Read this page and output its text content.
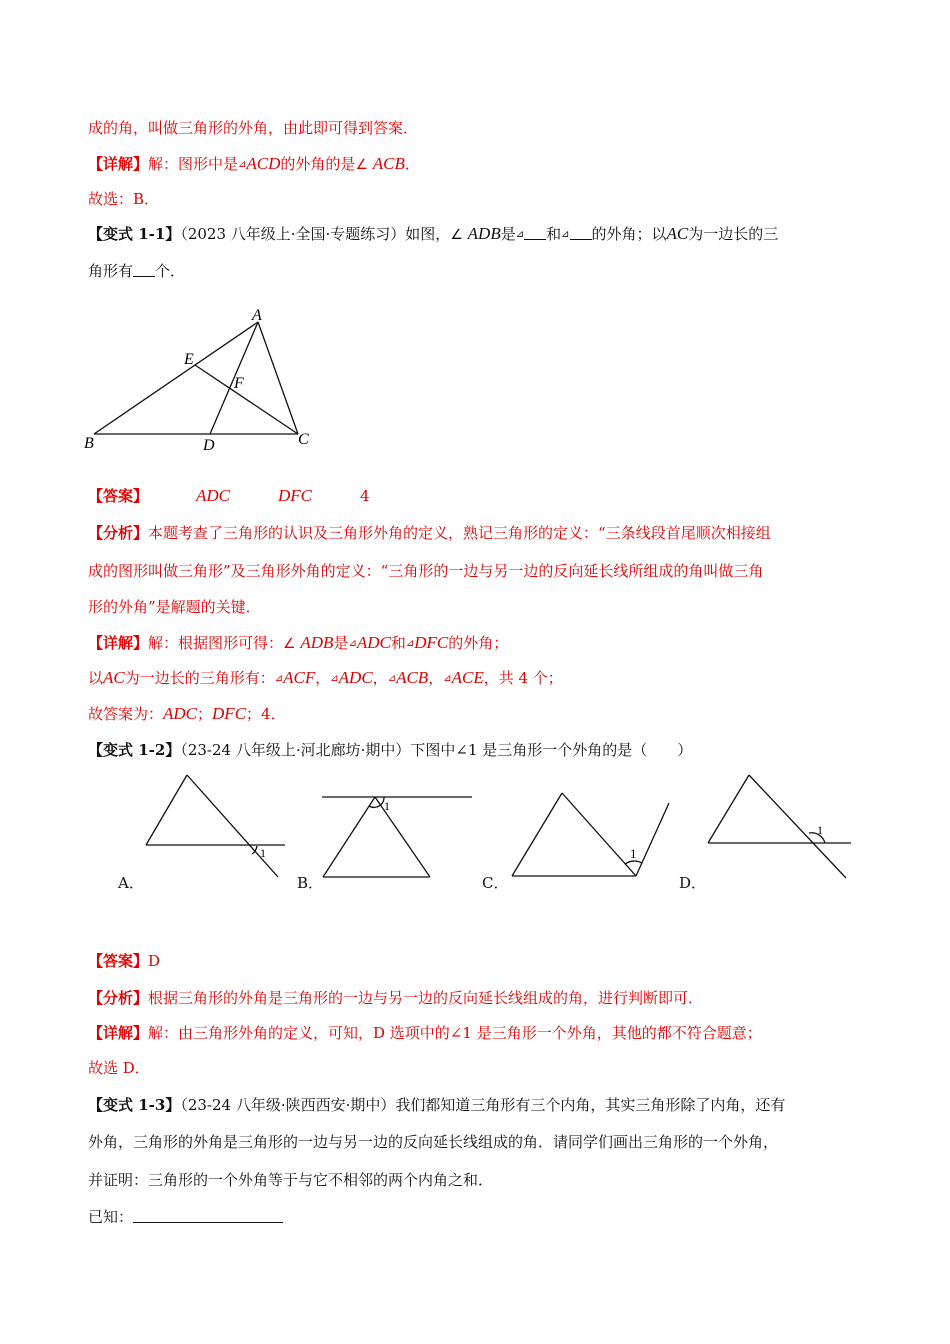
成的角，叫做三角形的外角，由此即可得到答案．
【详解】解：图形中是⊿ACD的外角的是∠ ACB．
故选：B．
【变式 1-1】（2023 八年级上·全国·专题练习）如图，∠ ADB是⊿ 和⊿ 的外角；以AC为一边长的三
角形有 个．
A
B	C
D
E
F
【答案】	ADC	DFC	4
【分析】本题考查了三角形的认识及三角形外角的定义，熟记三角形的定义：“三条线段首尾顺次相接组
成的图形叫做三角形”及三角形外角的定义：“三角形的一边与另一边的反向延长线所组成的角叫做三角
形的外角”是解题的关键．
【详解】解：根据图形可得：∠ ADB是⊿ADC和⊿DFC的外角；
以AC为一边长的三角形有：⊿ACF，⊿ADC，⊿ACB，⊿ACE，共 4 个；
故答案为：ADC；DFC；4．
【变式 1-2】（23-24 八年级上·河北廊坊·期中）下图中∠1 是三角形一个外角的是（　　）
1
A．
1
B．
1
C．
1
D．
【答案】D
【分析】根据三角形的外角是三角形的一边与另一边的反向延长线组成的角，进行判断即可．
【详解】解：由三角形外角的定义，可知，D 选项中的∠1 是三角形一个外角，其他的都不符合题意；
故选 D．
【变式 1-3】（23-24 八年级·陕西西安·期中）我们都知道三角形有三个内角，其实三角形除了内角，还有
外角，三角形的外角是三角形的一边与另一边的反向延长线组成的角．请同学们画出三角形的一个外角，
并证明：三角形的一个外角等于与它不相邻的两个内角之和．
已知：
